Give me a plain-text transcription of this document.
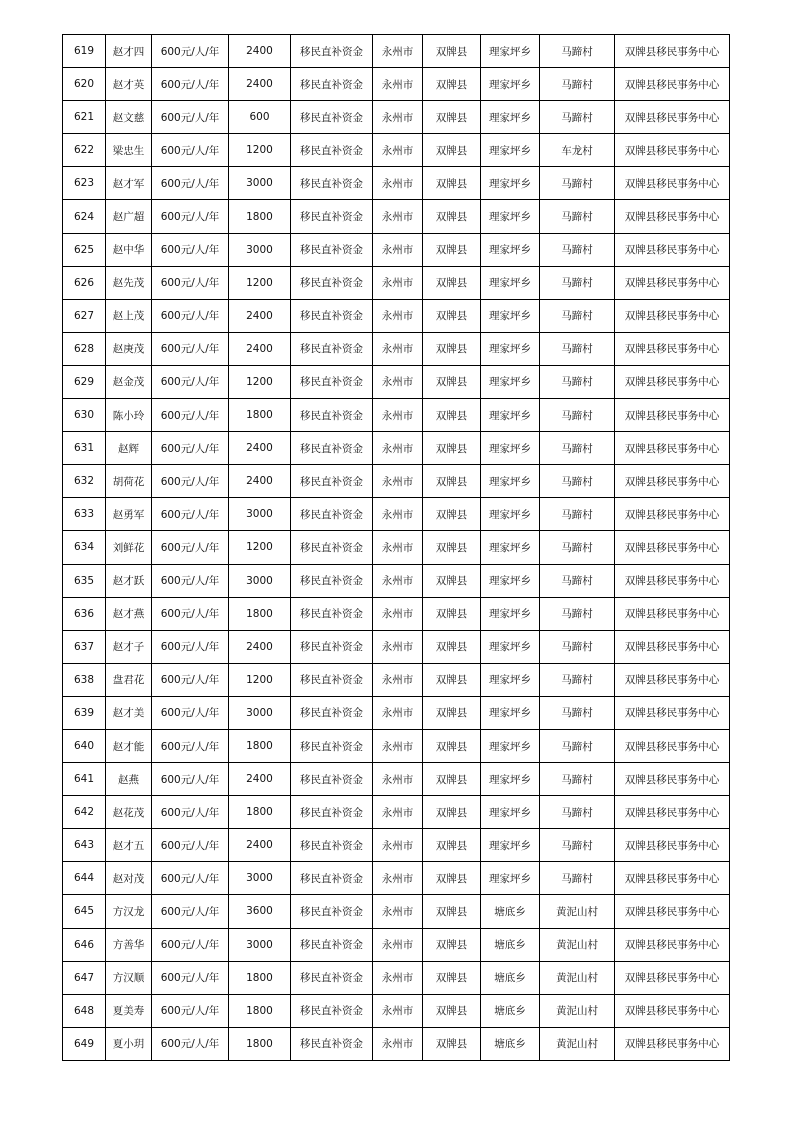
619	赵才四	600元/人/年	2400	移民直补资金	永州市	双牌县	理家坪乡	马蹄村	双牌县移民事务中心
620	赵才英	600元/人/年	2400	移民直补资金	永州市	双牌县	理家坪乡	马蹄村	双牌县移民事务中心
621	赵文慈	600元/人/年	600	移民直补资金	永州市	双牌县	理家坪乡	马蹄村	双牌县移民事务中心
622	梁忠生	600元/人/年	1200	移民直补资金	永州市	双牌县	理家坪乡	车龙村	双牌县移民事务中心
623	赵才军	600元/人/年	3000	移民直补资金	永州市	双牌县	理家坪乡	马蹄村	双牌县移民事务中心
624	赵广超	600元/人/年	1800	移民直补资金	永州市	双牌县	理家坪乡	马蹄村	双牌县移民事务中心
625	赵中华	600元/人/年	3000	移民直补资金	永州市	双牌县	理家坪乡	马蹄村	双牌县移民事务中心
626	赵先茂	600元/人/年	1200	移民直补资金	永州市	双牌县	理家坪乡	马蹄村	双牌县移民事务中心
627	赵上茂	600元/人/年	2400	移民直补资金	永州市	双牌县	理家坪乡	马蹄村	双牌县移民事务中心
628	赵庚茂	600元/人/年	2400	移民直补资金	永州市	双牌县	理家坪乡	马蹄村	双牌县移民事务中心
629	赵金茂	600元/人/年	1200	移民直补资金	永州市	双牌县	理家坪乡	马蹄村	双牌县移民事务中心
630	陈小玲	600元/人/年	1800	移民直补资金	永州市	双牌县	理家坪乡	马蹄村	双牌县移民事务中心
631	赵辉	600元/人/年	2400	移民直补资金	永州市	双牌县	理家坪乡	马蹄村	双牌县移民事务中心
632	胡荷花	600元/人/年	2400	移民直补资金	永州市	双牌县	理家坪乡	马蹄村	双牌县移民事务中心
633	赵勇军	600元/人/年	3000	移民直补资金	永州市	双牌县	理家坪乡	马蹄村	双牌县移民事务中心
634	刘鲜花	600元/人/年	1200	移民直补资金	永州市	双牌县	理家坪乡	马蹄村	双牌县移民事务中心
635	赵才跃	600元/人/年	3000	移民直补资金	永州市	双牌县	理家坪乡	马蹄村	双牌县移民事务中心
636	赵才燕	600元/人/年	1800	移民直补资金	永州市	双牌县	理家坪乡	马蹄村	双牌县移民事务中心
637	赵才子	600元/人/年	2400	移民直补资金	永州市	双牌县	理家坪乡	马蹄村	双牌县移民事务中心
638	盘君花	600元/人/年	1200	移民直补资金	永州市	双牌县	理家坪乡	马蹄村	双牌县移民事务中心
639	赵才美	600元/人/年	3000	移民直补资金	永州市	双牌县	理家坪乡	马蹄村	双牌县移民事务中心
640	赵才能	600元/人/年	1800	移民直补资金	永州市	双牌县	理家坪乡	马蹄村	双牌县移民事务中心
641	赵燕	600元/人/年	2400	移民直补资金	永州市	双牌县	理家坪乡	马蹄村	双牌县移民事务中心
642	赵花茂	600元/人/年	1800	移民直补资金	永州市	双牌县	理家坪乡	马蹄村	双牌县移民事务中心
643	赵才五	600元/人/年	2400	移民直补资金	永州市	双牌县	理家坪乡	马蹄村	双牌县移民事务中心
644	赵对茂	600元/人/年	3000	移民直补资金	永州市	双牌县	理家坪乡	马蹄村	双牌县移民事务中心
645	方汉龙	600元/人/年	3600	移民直补资金	永州市	双牌县	塘底乡	黄泥山村	双牌县移民事务中心
646	方善华	600元/人/年	3000	移民直补资金	永州市	双牌县	塘底乡	黄泥山村	双牌县移民事务中心
647	方汉顺	600元/人/年	1800	移民直补资金	永州市	双牌县	塘底乡	黄泥山村	双牌县移民事务中心
648	夏美寿	600元/人/年	1800	移民直补资金	永州市	双牌县	塘底乡	黄泥山村	双牌县移民事务中心
649	夏小玥	600元/人/年	1800	移民直补资金	永州市	双牌县	塘底乡	黄泥山村	双牌县移民事务中心
